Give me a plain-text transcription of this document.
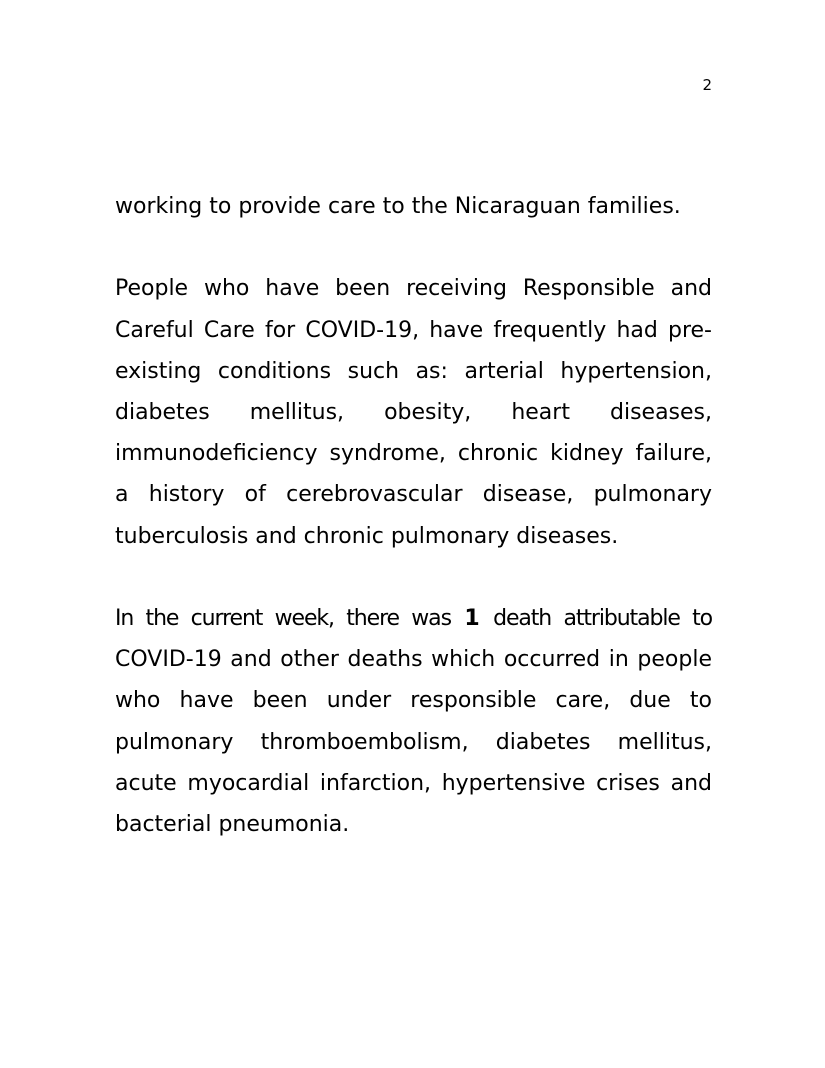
2

working to provide care to the Nicaraguan families.

People who have been receiving Responsible and Careful Care for COVID-19, have frequently had pre-existing conditions such as: arterial hypertension, diabetes mellitus, obesity, heart diseases, immunodeficiency syndrome, chronic kidney failure, a history of cerebrovascular disease, pulmonary tuberculosis and chronic pulmonary diseases.

In the current week, there was 1 death attributable to COVID-19 and other deaths which occurred in people who have been under responsible care, due to pulmonary thromboembolism, diabetes mellitus, acute myocardial infarction, hypertensive crises and bacterial pneumonia.
